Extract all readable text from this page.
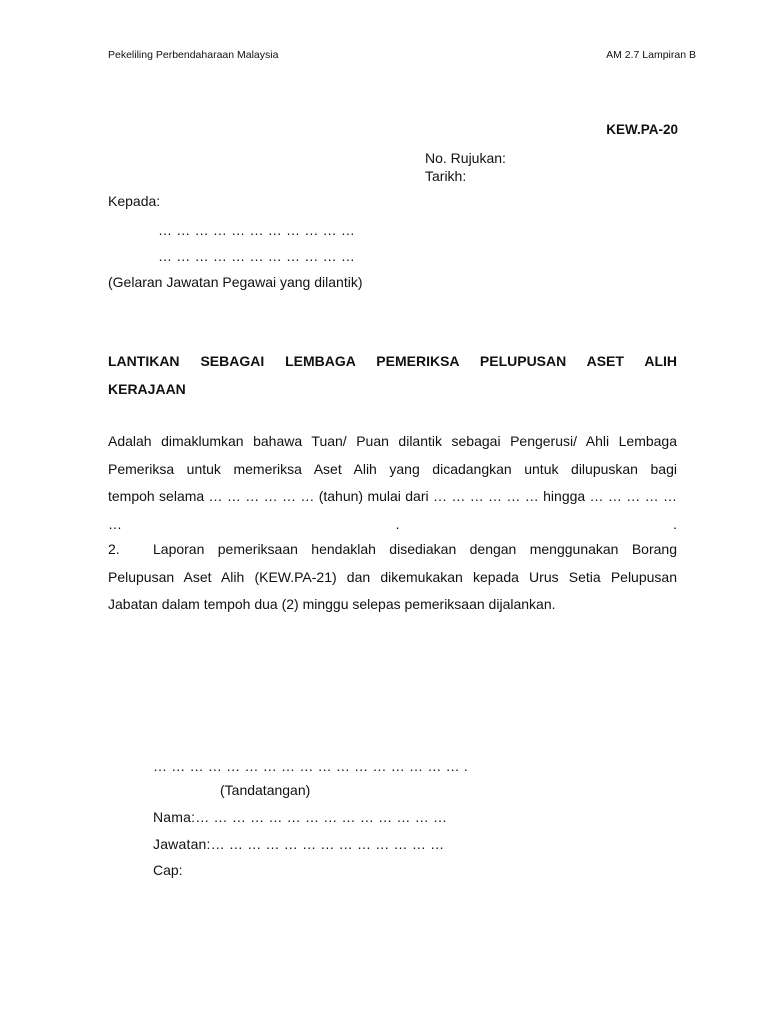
Pekeliling Perbendaharaan Malaysia	AM 2.7 Lampiran B
KEW.PA-20
No. Rujukan:
Tarikh:
Kepada:
… … … … … … … … … … …
… … … … … … … … … … …
(Gelaran Jawatan Pegawai yang dilantik)
LANTIKAN SEBAGAI LEMBAGA PEMERIKSA PELUPUSAN ASET ALIH
KERAJAAN
Adalah dimaklumkan bahawa Tuan/ Puan dilantik sebagai Pengerusi/ Ahli Lembaga
Pemeriksa untuk memeriksa Aset Alih yang dicadangkan untuk dilupuskan bagi
tempoh selama … … … … … … (tahun) mulai dari … … … … … … hingga … … … … … … . .
2. Laporan pemeriksaan hendaklah disediakan dengan menggunakan Borang
Pelupusan Aset Alih (KEW.PA-21) dan dikemukakan kepada Urus Setia Pelupusan
Jabatan dalam tempoh dua (2) minggu selepas pemeriksaan dijalankan.
… … … … … … … … … … … … … … … … … .
(Tandatangan)
Nama:… … … … … … … … … … … … … …
Jawatan:… … … … … … … … … … … … …
Cap:
